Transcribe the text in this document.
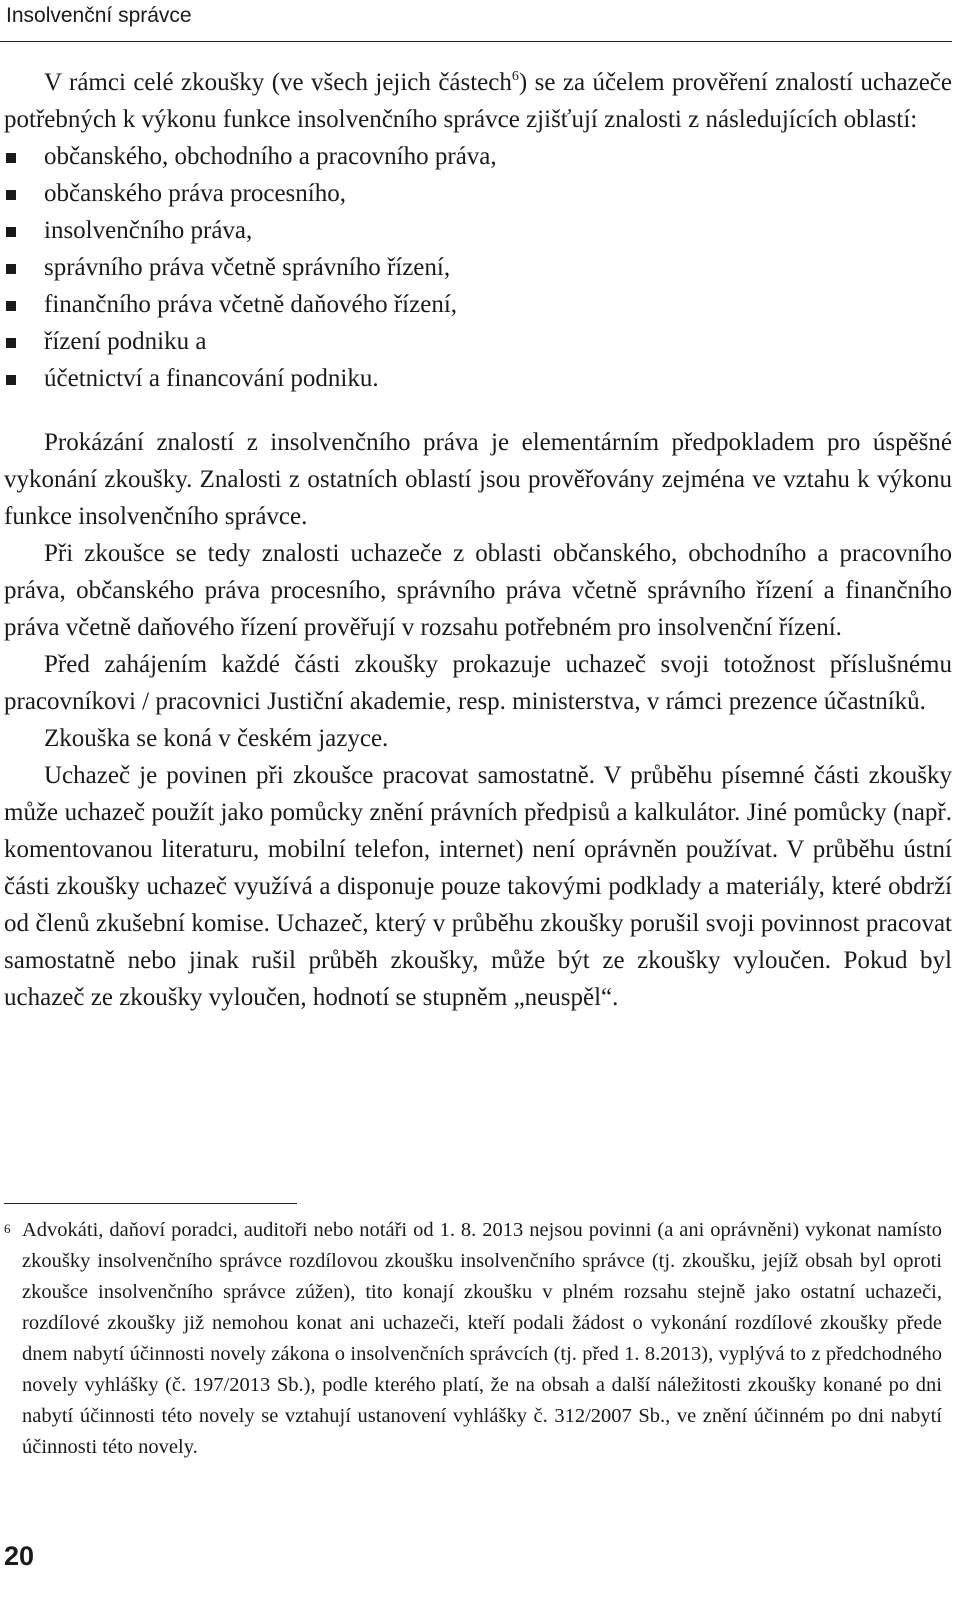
Insolvenční správce

V rámci celé zkoušky (ve všech jejich částech$^6$) se za účelem prověření znalostí uchazeče potřebných k výkonu funkce insolvenčního správce zjišťují znalosti z následujících oblastí:

občanského, obchodního a pracovního práva,
občanského práva procesního,
insolvenčního práva,
správního práva včetně správního řízení,
finančního práva včetně daňového řízení,
řízení podniku a
účetnictví a financování podniku.

Prokázání znalostí z insolvenčního práva je elementárním předpokladem pro úspěšné vykonání zkoušky. Znalosti z ostatních oblastí jsou prověřovány zejména ve vztahu k výkonu funkce insolvenčního správce.

Při zkoušce se tedy znalosti uchazeče z oblasti občanského, obchodního a pracovního práva, občanského práva procesního, správního práva včetně správního řízení a finančního práva včetně daňového řízení prověřují v rozsahu potřebném pro insolvenční řízení.

Před zahájením každé části zkoušky prokazuje uchazeč svoji totožnost příslušnému pracovníkovi / pracovnici Justiční akademie, resp. ministerstva, v rámci prezence účastníků.

Zkouška se koná v českém jazyce.

Uchazeč je povinen při zkoušce pracovat samostatně. V průběhu písemné části zkoušky může uchazeč použít jako pomůcky znění právních předpisů a kalkulátor. Jiné pomůcky (např. komentovanou literaturu, mobilní telefon, internet) není oprávněn používat. V průběhu ústní části zkoušky uchazeč využívá a disponuje pouze takovými podklady a materiály, které obdrží od členů zkušební komise. Uchazeč, který v průběhu zkoušky porušil svoji povinnost pracovat samostatně nebo jinak rušil průběh zkoušky, může být ze zkoušky vyloučen. Pokud byl uchazeč ze zkoušky vyloučen, hodnotí se stupněm „neuspěl“.

6 Advokáti, daňoví poradci, auditoři nebo notáři od 1. 8. 2013 nejsou povinni (a ani oprávněni) vykonat namísto zkoušky insolvenčního správce rozdílovou zkoušku insolvenčního správce (tj. zkoušku, jejíž obsah byl oproti zkoušce insolvenčního správce zúžen), tito konají zkoušku v plném rozsahu stejně jako ostatní uchazeči, rozdílové zkoušky již nemohou konat ani uchazeči, kteří podali žádost o vykonání rozdílové zkoušky přede dnem nabytí účinnosti novely zákona o insolvenčních správcích (tj. před 1. 8.2013), vyplývá to z předchodného novely vyhlášky (č. 197/2013 Sb.), podle kterého platí, že na obsah a další náležitosti zkoušky konané po dni nabytí účinnosti této novely se vztahují ustanovení vyhlášky č. 312/2007 Sb., ve znění účinném po dni nabytí účinnosti této novely.

20
